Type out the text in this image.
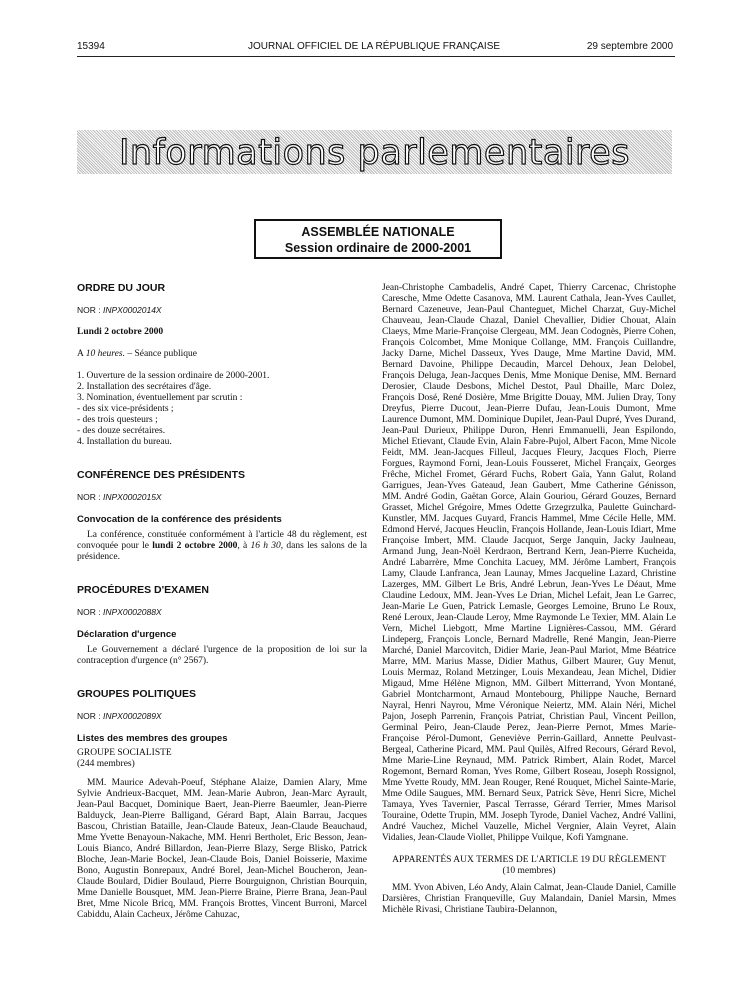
15394	JOURNAL OFFICIEL DE LA RÉPUBLIQUE FRANÇAISE	29 septembre 2000
Informations parlementaires
ASSEMBLÉE NATIONALE
Session ordinaire de 2000-2001

ORDRE DU JOUR

NOR : INPX0002014X

Lundi 2 octobre 2000

A 10 heures. – Séance publique

1. Ouverture de la session ordinaire de 2000-2001.

2. Installation des secrétaires d'âge.

3. Nomination, éventuellement par scrutin :

- des six vice-présidents ;

- des trois questeurs ;

- des douze secrétaires.

4. Installation du bureau.

CONFÉRENCE DES PRÉSIDENTS

NOR : INPX0002015X

Convocation de la conférence des présidents

La conférence, constituée conformément à l'article 48 du règlement, est convoquée pour le lundi 2 octobre 2000, à 16 h 30, dans les salons de la présidence.

PROCÉDURES D'EXAMEN

NOR : INPX0002088X

Déclaration d'urgence

Le Gouvernement a déclaré l'urgence de la proposition de loi sur la contraception d'urgence (n° 2567).

GROUPES POLITIQUES

NOR : INPX0002089X

Listes des membres des groupes

GROUPE SOCIALISTE

(244 membres)

MM. Maurice Adevah-Poeuf, Stéphane Alaize, Damien Alary, Mme Sylvie Andrieux-Bacquet, MM. Jean-Marie Aubron, Jean-Marc Ayrault, Jean-Paul Bacquet, Dominique Baert, Jean-Pierre Baeumler, Jean-Pierre Balduyck, Jean-Pierre Balligand, Gérard Bapt, Alain Barrau, Jacques Bascou, Christian Bataille, Jean-Claude Bateux, Jean-Claude Beauchaud, Mme Yvette Benayoun-Nakache, MM. Henri Bertholet, Eric Besson, Jean-Louis Bianco, André Billardon, Jean-Pierre Blazy, Serge Blisko, Patrick Bloche, Jean-Marie Bockel, Jean-Claude Bois, Daniel Boisserie, Maxime Bono, Augustin Bonrepaux, André Borel, Jean-Michel Boucheron, Jean-Claude Boulard, Didier Boulaud, Pierre Bourguignon, Christian Bourquin, Mme Danielle Bousquet, MM. Jean-Pierre Braine, Pierre Brana, Jean-Paul Bret, Mme Nicole Bricq, MM. François Brottes, Vincent Burroni, Marcel Cabiddu, Alain Cacheux, Jérôme Cahuzac,

Jean-Christophe Cambadelis, André Capet, Thierry Carcenac, Christophe Caresche, Mme Odette Casanova, MM. Laurent Cathala, Jean-Yves Caullet, Bernard Cazeneuve, Jean-Paul Chanteguet, Michel Charzat, Guy-Michel Chauveau, Jean-Claude Chazal, Daniel Chevallier, Didier Chouat, Alain Claeys, Mme Marie-Françoise Clergeau, MM. Jean Codognès, Pierre Cohen, François Colcombet, Mme Monique Collange, MM. François Cuillandre, Jacky Darne, Michel Dasseux, Yves Dauge, Mme Martine David, MM. Bernard Davoine, Philippe Decaudin, Marcel Dehoux, Jean Delobel, François Deluga, Jean-Jacques Denis, Mme Monique Denise, MM. Bernard Derosier, Claude Desbons, Michel Destot, Paul Dhaille, Marc Dolez, François Dosé, René Dosière, Mme Brigitte Douay, MM. Julien Dray, Tony Dreyfus, Pierre Ducout, Jean-Pierre Dufau, Jean-Louis Dumont, Mme Laurence Dumont, MM. Dominique Dupilet, Jean-Paul Dupré, Yves Durand, Jean-Paul Durieux, Philippe Duron, Henri Emmanuelli, Jean Espilondo, Michel Etievant, Claude Evin, Alain Fabre-Pujol, Albert Facon, Mme Nicole Feidt, MM. Jean-Jacques Filleul, Jacques Fleury, Jacques Floch, Pierre Forgues, Raymond Forni, Jean-Louis Fousseret, Michel Françaix, Georges Frêche, Michel Fromet, Gérard Fuchs, Robert Gaïa, Yann Galut, Roland Garrigues, Jean-Yves Gateaud, Jean Gaubert, Mme Catherine Génisson, MM. André Godin, Gaëtan Gorce, Alain Gouriou, Gérard Gouzes, Bernard Grasset, Michel Grégoire, Mmes Odette Grzegrzulka, Paulette Guinchard-Kunstler, MM. Jacques Guyard, Francis Hammel, Mme Cécile Helle, MM. Edmond Hervé, Jacques Heuclin, François Hollande, Jean-Louis Idiart, Mme Françoise Imbert, MM. Claude Jacquot, Serge Janquin, Jacky Jaulneau, Armand Jung, Jean-Noël Kerdraon, Bertrand Kern, Jean-Pierre Kucheida, André Labarrère, Mme Conchita Lacuey, MM. Jérôme Lambert, François Lamy, Claude Lanfranca, Jean Launay, Mmes Jacqueline Lazard, Christine Lazerges, MM. Gilbert Le Bris, André Lebrun, Jean-Yves Le Déaut, Mme Claudine Ledoux, MM. Jean-Yves Le Drian, Michel Lefait, Jean Le Garrec, Jean-Marie Le Guen, Patrick Lemasle, Georges Lemoine, Bruno Le Roux, René Leroux, Jean-Claude Leroy, Mme Raymonde Le Texier, MM. Alain Le Vern, Michel Liebgott, Mme Martine Lignières-Cassou, MM. Gérard Lindeperg, François Loncle, Bernard Madrelle, René Mangin, Jean-Pierre Marché, Daniel Marcovitch, Didier Marie, Jean-Paul Mariot, Mme Béatrice Marre, MM. Marius Masse, Didier Mathus, Gilbert Maurer, Guy Menut, Louis Mermaz, Roland Metzinger, Louis Mexandeau, Jean Michel, Didier Migaud, Mme Hélène Mignon, MM. Gilbert Mitterrand, Yvon Montané, Gabriel Montcharmont, Arnaud Montebourg, Philippe Nauche, Bernard Nayral, Henri Nayrou, Mme Véronique Neiertz, MM. Alain Néri, Michel Pajon, Joseph Parrenin, François Patriat, Christian Paul, Vincent Peillon, Germinal Peiro, Jean-Claude Perez, Jean-Pierre Pernot, Mmes Marie-Françoise Pérol-Dumont, Geneviève Perrin-Gaillard, Annette Peulvast-Bergeal, Catherine Picard, MM. Paul Quilès, Alfred Recours, Gérard Revol, Mme Marie-Line Reynaud, MM. Patrick Rimbert, Alain Rodet, Marcel Rogemont, Bernard Roman, Yves Rome, Gilbert Roseau, Joseph Rossignol, Mme Yvette Roudy, MM. Jean Rouger, René Rouquet, Michel Sainte-Marie, Mme Odile Saugues, MM. Bernard Seux, Patrick Sève, Henri Sicre, Michel Tamaya, Yves Tavernier, Pascal Terrasse, Gérard Terrier, Mmes Marisol Touraine, Odette Trupin, MM. Joseph Tyrode, Daniel Vachez, André Vallini, André Vauchez, Michel Vauzelle, Michel Vergnier, Alain Veyret, Alain Vidalies, Jean-Claude Viollet, Philippe Vuilque, Kofi Yamgnane.

APPARENTÉS AUX TERMES DE L'ARTICLE 19 DU RÈGLEMENT

(10 membres)

MM. Yvon Abiven, Léo Andy, Alain Calmat, Jean-Claude Daniel, Camille Darsières, Christian Franqueville, Guy Malandain, Daniel Marsin, Mmes Michèle Rivasi, Christiane Taubira-Delannon,
